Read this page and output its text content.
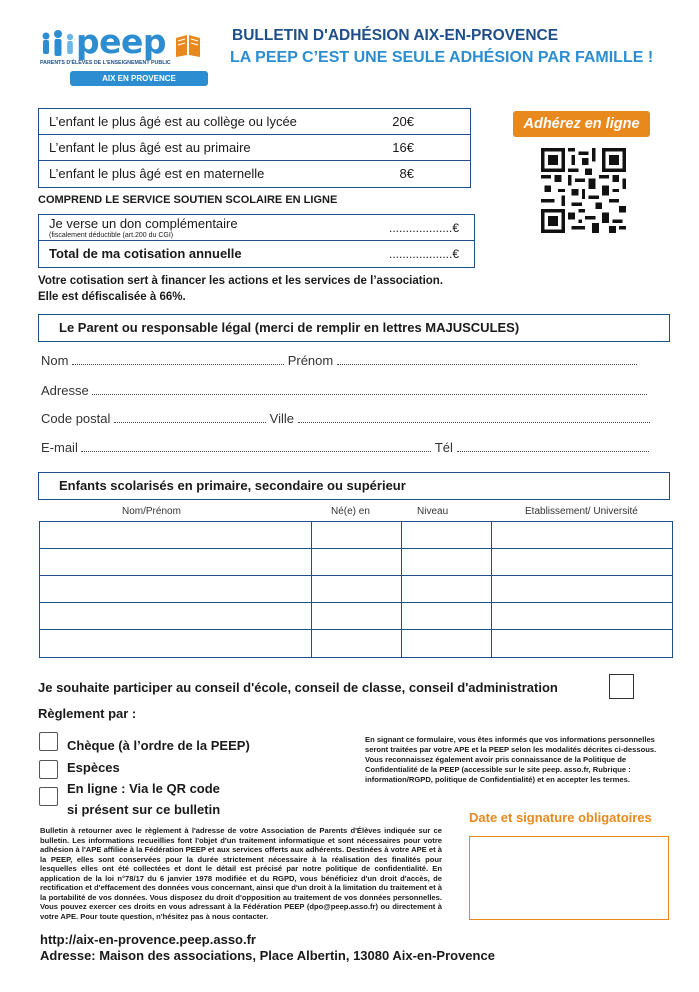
peep
PARENTS D'ÉLÈVES DE L'ENSEIGNEMENT PUBLIC
AIX EN PROVENCE
BULLETIN D'ADHÉSION AIX-EN-PROVENCE
LA PEEP C’EST UNE SEULE ADHÉSION PAR FAMILLE !
L’enfant le plus âgé est au collège ou lycée	20€
L’enfant le plus âgé est au primaire	16€
L’enfant le plus âgé est en maternelle	8€
Adhérez en ligne
COMPREND LE SERVICE SOUTIEN SCOLAIRE EN LIGNE
Je verse un don complémentaire
(fiscalement déductible (art.200 du CGI)
...................€
Total de ma cotisation annuelle	...................€
Votre cotisation sert à financer les actions et les services de l’association.
Elle est défiscalisée à 66%.
Le Parent ou responsable légal (merci de remplir en lettres MAJUSCULES)
Nom	Prénom
Adresse
Code postal	Ville
E-mail	Tél
Enfants scolarisés en primaire, secondaire ou supérieur
Nom/Prénom	Né(e) en	Niveau	Etablissement/ Université
Je souhaite participer au conseil d'école, conseil de classe, conseil d'administration
Règlement par :
Chèque (à l’ordre de la PEEP)
Espèces
En ligne : Via le QR code
si présent sur ce bulletin
En signant ce formulaire, vous êtes informés que vos informations personnelles seront traitées par votre APE et la PEEP selon les modalités décrites ci-dessous. Vous reconnaissez également avoir pris connaissance de la Politique de Confidentialité de la PEEP (accessible sur le site peep. asso.fr, Rubrique : information/RGPD, politique de Confidentialité) et en accepter les termes.
Date et signature obligatoires
Bulletin à retourner avec le règlement à l'adresse de votre Association de Parents d'Élèves indiquée sur ce bulletin. Les informations recueillies font l'objet d'un traitement informatique et sont nécessaires pour votre adhésion à l'APE affiliée à la Fédération PEEP et aux services offerts aux adhérents. Destinées à votre APE et à la PEEP, elles sont conservées pour la durée strictement nécessaire à la réalisation des finalités pour lesquelles elles ont été collectées et dont le détail est précisé par notre politique de confidentialité. En application de la loi n°78/17 du 6 janvier 1978 modifiée et du RGPD, vous bénéficiez d'un droit d'accès, de rectification et d'effacement des données vous concernant, ainsi que d'un droit à la limitation du traitement et à la portabilité de vos données. Vous disposez du droit d'opposition au traitement de vos données personnelles. Vous pouvez exercer ces droits en vous adressant à la Fédération PEEP (dpo@peep.asso.fr) ou directement à votre APE. Pour toute question, n'hésitez pas à nous contacter.
http://aix-en-provence.peep.asso.fr
Adresse: Maison des associations, Place Albertin, 13080 Aix-en-Provence
